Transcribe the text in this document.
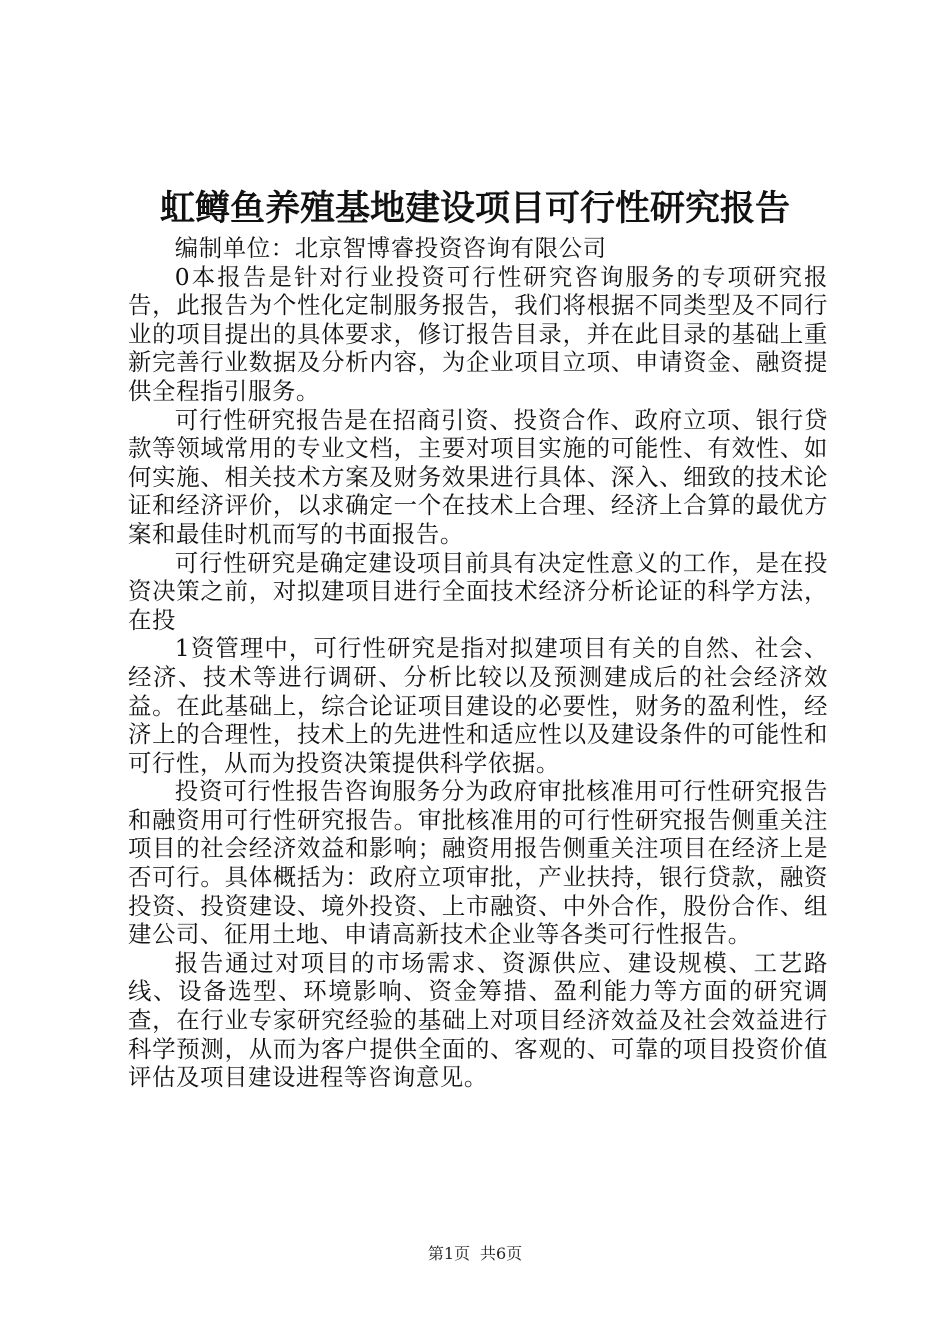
虹鳟鱼养殖基地建设项目可行性研究报告

编制单位：北京智博睿投资咨询有限公司

0本报告是针对行业投资可行性研究咨询服务的专项研究报告，此报告为个性化定制服务报告，我们将根据不同类型及不同行业的项目提出的具体要求，修订报告目录，并在此目录的基础上重新完善行业数据及分析内容，为企业项目立项、申请资金、融资提供全程指引服务。

可行性研究报告是在招商引资、投资合作、政府立项、银行贷款等领域常用的专业文档，主要对项目实施的可能性、有效性、如何实施、相关技术方案及财务效果进行具体、深入、细致的技术论证和经济评价，以求确定一个在技术上合理、经济上合算的最优方案和最佳时机而写的书面报告。

可行性研究是确定建设项目前具有决定性意义的工作，是在投资决策之前，对拟建项目进行全面技术经济分析论证的科学方法，在投

1资管理中，可行性研究是指对拟建项目有关的自然、社会、经济、技术等进行调研、分析比较以及预测建成后的社会经济效益。在此基础上，综合论证项目建设的必要性，财务的盈利性，经济上的合理性，技术上的先进性和适应性以及建设条件的可能性和可行性，从而为投资决策提供科学依据。

投资可行性报告咨询服务分为政府审批核准用可行性研究报告和融资用可行性研究报告。审批核准用的可行性研究报告侧重关注项目的社会经济效益和影响；融资用报告侧重关注项目在经济上是否可行。具体概括为：政府立项审批，产业扶持，银行贷款，融资投资、投资建设、境外投资、上市融资、中外合作，股份合作、组建公司、征用土地、申请高新技术企业等各类可行性报告。

报告通过对项目的市场需求、资源供应、建设规模、工艺路线、设备选型、环境影响、资金筹措、盈利能力等方面的研究调查，在行业专家研究经验的基础上对项目经济效益及社会效益进行科学预测，从而为客户提供全面的、客观的、可靠的项目投资价值评估及项目建设进程等咨询意见。

第1页 共6页
